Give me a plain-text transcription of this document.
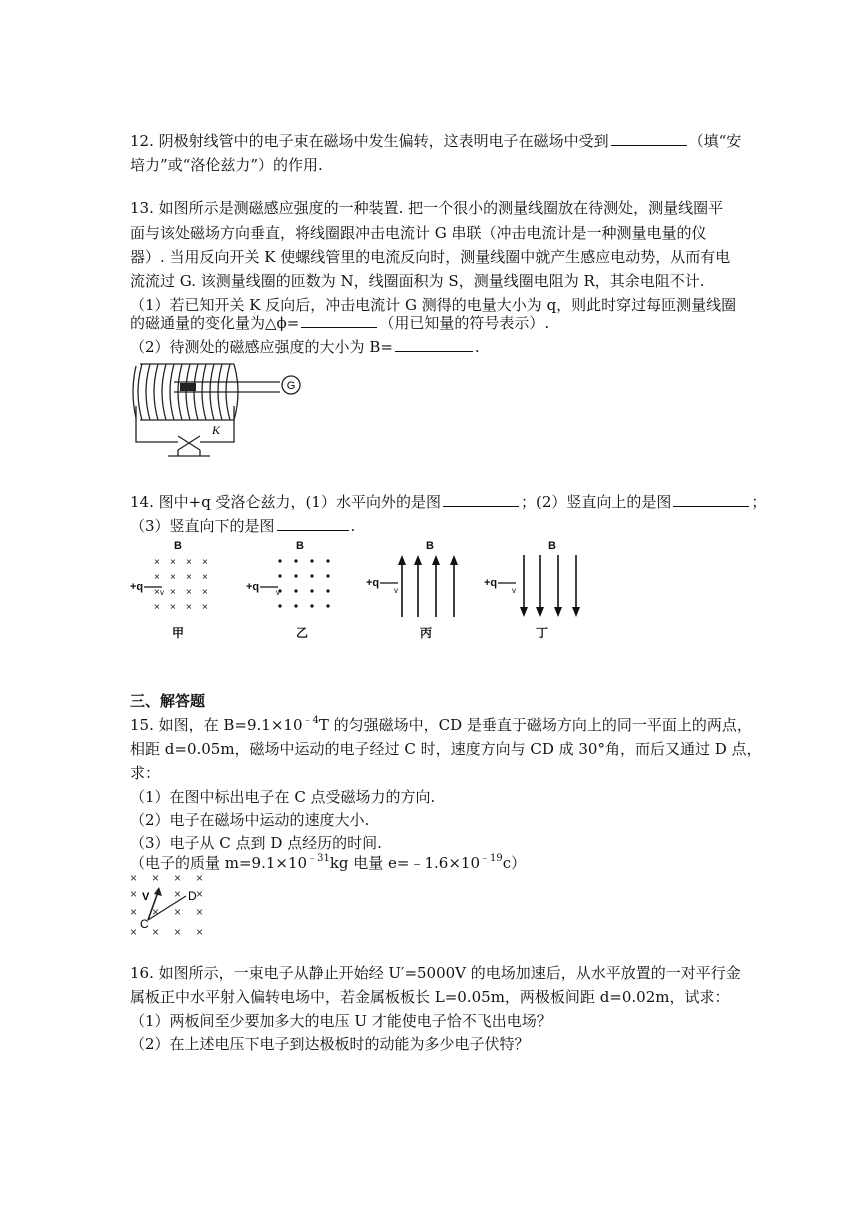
12. 阴极射线管中的电子束在磁场中发生偏转，这表明电子在磁场中受到	（填“安
培力”或“洛伦兹力”）的作用.
13. 如图所示是测磁感应强度的一种装置. 把一个很小的测量线圈放在待测处，测量线圈平
面与该处磁场方向垂直，将线圈跟冲击电流计 G 串联（冲击电流计是一种测量电量的仪
器）. 当用反向开关 K 使螺线管里的电流反向时，测量线圈中就产生感应电动势，从而有电
流流过 G. 该测量线圈的匝数为 N，线圈面积为 S，测量线圈电阻为 R，其余电阻不计.
（1）若已知开关 K 反向后，冲击电流计 G 测得的电量大小为 q，则此时穿过每匝测量线圈
的磁通量的变化量为△ϕ=	（用已知量的符号表示）.
（2）待测处的磁感应强度的大小为 B=	.
G
K
14. 图中+q 受洛仑兹力，(1）水平向外的是图	；(2）竖直向上的是图	；
（3）竖直向下的是图	.
B
× × × ×
× × × ×
× × × ×
× × × ×
+q v
甲
B
+q v
乙
B
+q
v
丙
B
+q
v
丁
三、解答题
15. 如图，在 $B=9.1\times 10^{﹣4}T$ 的匀强磁场中，CD 是垂直于磁场方向上的同一平面上的两点，
相距 d=0.05m，磁场中运动的电子经过 C 时，速度方向与 CD 成 30°角，而后又通过 D 点，
求：
（1）在图中标出电子在 C 点受磁场力的方向.
（2）电子在磁场中运动的速度大小.
（3）电子从 C 点到 D 点经历的时间.
（电子的质量 $m=9.1\times 10^{﹣31}kg$ 电量 $e=﹣1.6\times 10^{﹣19}c$）
× × × ×
×	× ×
× × × ×
× × × ×
V	D
C
16. 如图所示，一束电子从静止开始经 U′=5000V 的电场加速后，从水平放置的一对平行金
属板正中水平射入偏转电场中，若金属板板长 L=0.05m，两极板间距 d=0.02m，试求：
（1）两板间至少要加多大的电压 U 才能使电子恰不飞出电场？
（2）在上述电压下电子到达极板时的动能为多少电子伏特？
